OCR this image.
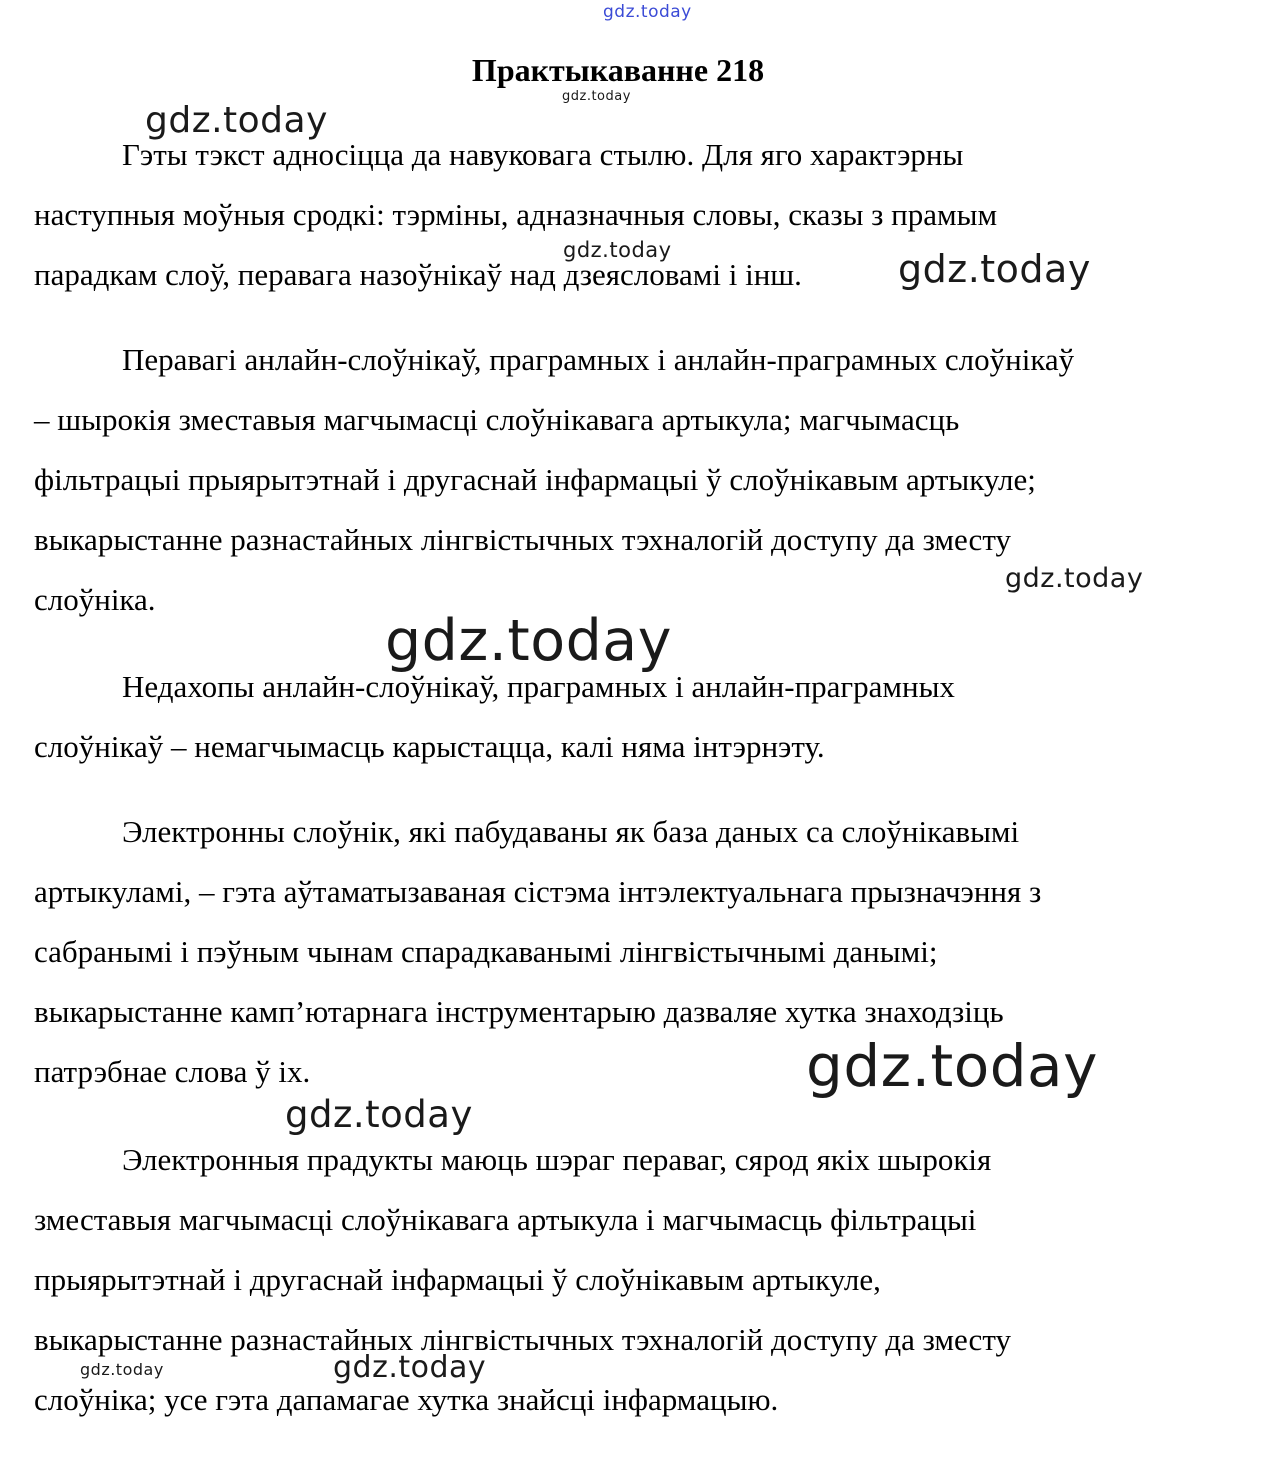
gdz.today
Практыкаванне 218
gdz.today

Гэты тэкст адносіцца да навуковага стылю. Для яго характэрны
наступныя моўныя сродкі: тэрміны, адназначныя словы, сказы з прамым
парадкам слоў, перавага назоўнікаў над дзеясловамі і інш.

Перавагі анлайн-слоўнікаў, праграмных і анлайн-праграмных слоўнікаў
– шырокія зместавыя магчымасці слоўнікавага артыкула; магчымасць
фільтрацыі прыярытэтнай і другаснай інфармацыі ў слоўнікавым артыкуле;
выкарыстанне разнастайных лінгвістычных тэхналогій доступу да зместу
слоўніка.

Недахопы анлайн-слоўнікаў, праграмных і анлайн-праграмных
слоўнікаў – немагчымасць карыстацца, калі няма інтэрнэту.

Электронны слоўнік, які пабудаваны як база даных са слоўнікавымі
артыкуламі, – гэта аўтаматызаваная сістэма інтэлектуальнага прызначэння з
сабранымі і пэўным чынам спарадкаванымі лінгвістычнымі данымі;
выкарыстанне камп’ютарнага інструментарыю дазваляе хутка знаходзіць
патрэбнае слова ў іх.

Электронныя прадукты маюць шэраг пераваг, сярод якіх шырокія
зместавыя магчымасці слоўнікавага артыкула і магчымасць фільтрацыі
прыярытэтнай і другаснай інфармацыі ў слоўнікавым артыкуле,
выкарыстанне разнастайных лінгвістычных тэхналогій доступу да зместу
слоўніка; усе гэта дапамагае хутка знайсці інфармацыю.

gdz.today
gdz.today	gdz.today
gdz.today
gdz.today
gdz.today
gdz.today
gdz.today	gdz.today
